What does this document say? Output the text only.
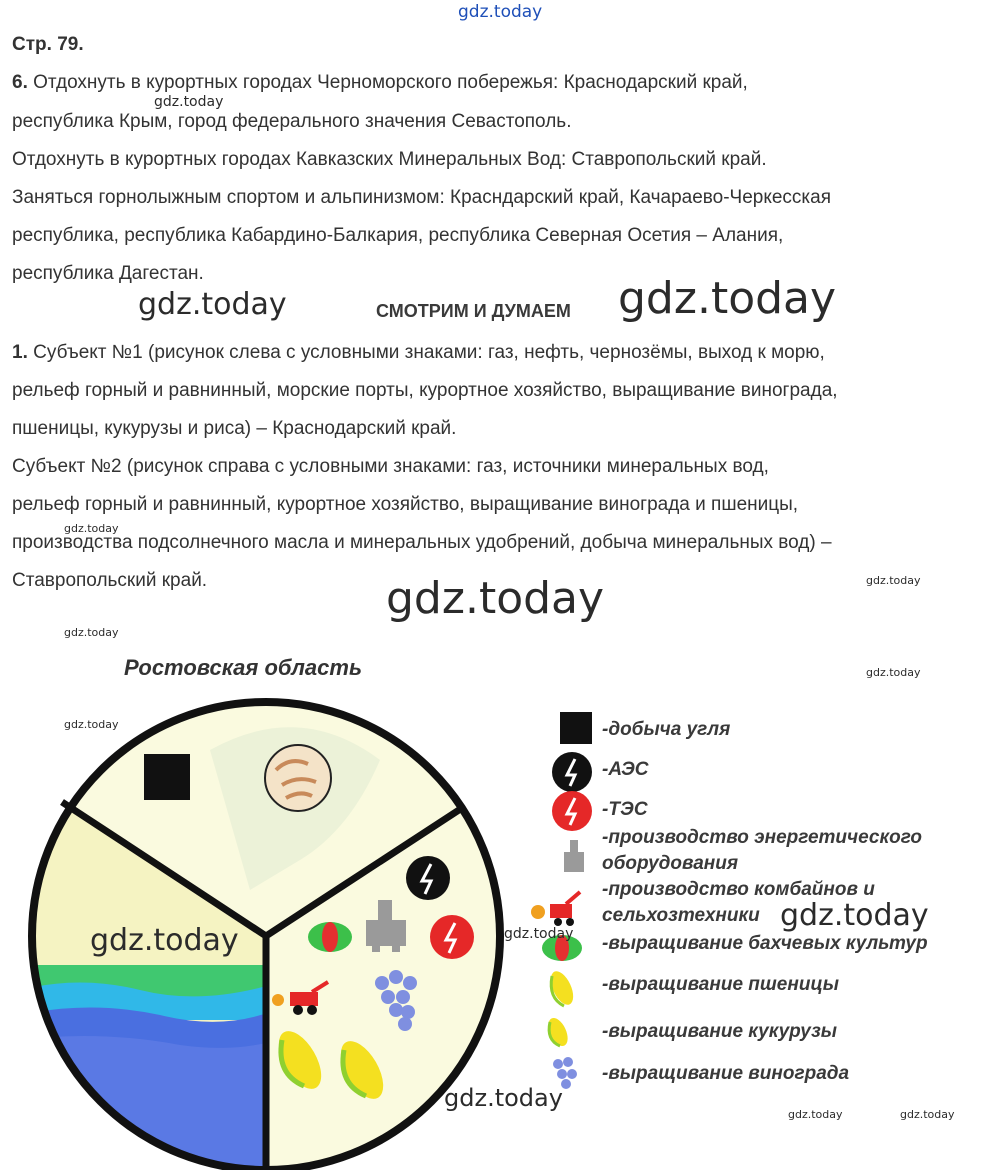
gdz.today
gdz.today
gdz.today	gdz.today
gdz.today
gdz.today
gdz.today
gdz.today
gdz.today
gdz.today
Стр. 79.
6. Отдохнуть в курортных городах Черноморского побережья: Краснодарский край,
республика Крым, город федерального значения Севастополь.
Отдохнуть в курортных городах Кавказских Минеральных Вод: Ставропольский край.
Заняться горнолыжным спортом и альпинизмом: Красндарский край, Качараево-Черкесская
республика, республика Кабардино-Балкария, республика Северная Осетия – Алания,
республика Дагестан.
СМОТРИМ И ДУМАЕМ
1. Субъект №1 (рисунок слева с условными знаками: газ, нефть, чернозёмы, выход к морю,
рельеф горный и равнинный, морские порты, курортное хозяйство, выращивание винограда,
пшеницы, кукурузы и риса) – Краснодарский край.
Субъект №2 (рисунок справа с условными знаками: газ, источники минеральных вод,
рельеф горный и равнинный, курортное хозяйство, выращивание винограда и пшеницы,
производства подсолнечного масла и минеральных удобрений, добыча минеральных вод) –
Ставропольский край.
Ростовская область
-добыча угля
-АЭС
-ТЭС
-производство энергетического
оборудования
-производство комбайнов и
сельхозтехники
-выращивание бахчевых культур
-выращивание пшеницы
-выращивание кукурузы
-выращивание винограда
gdz.today	gdz.today
gdz.today
gdz.today
gdz.today	gdz.today
